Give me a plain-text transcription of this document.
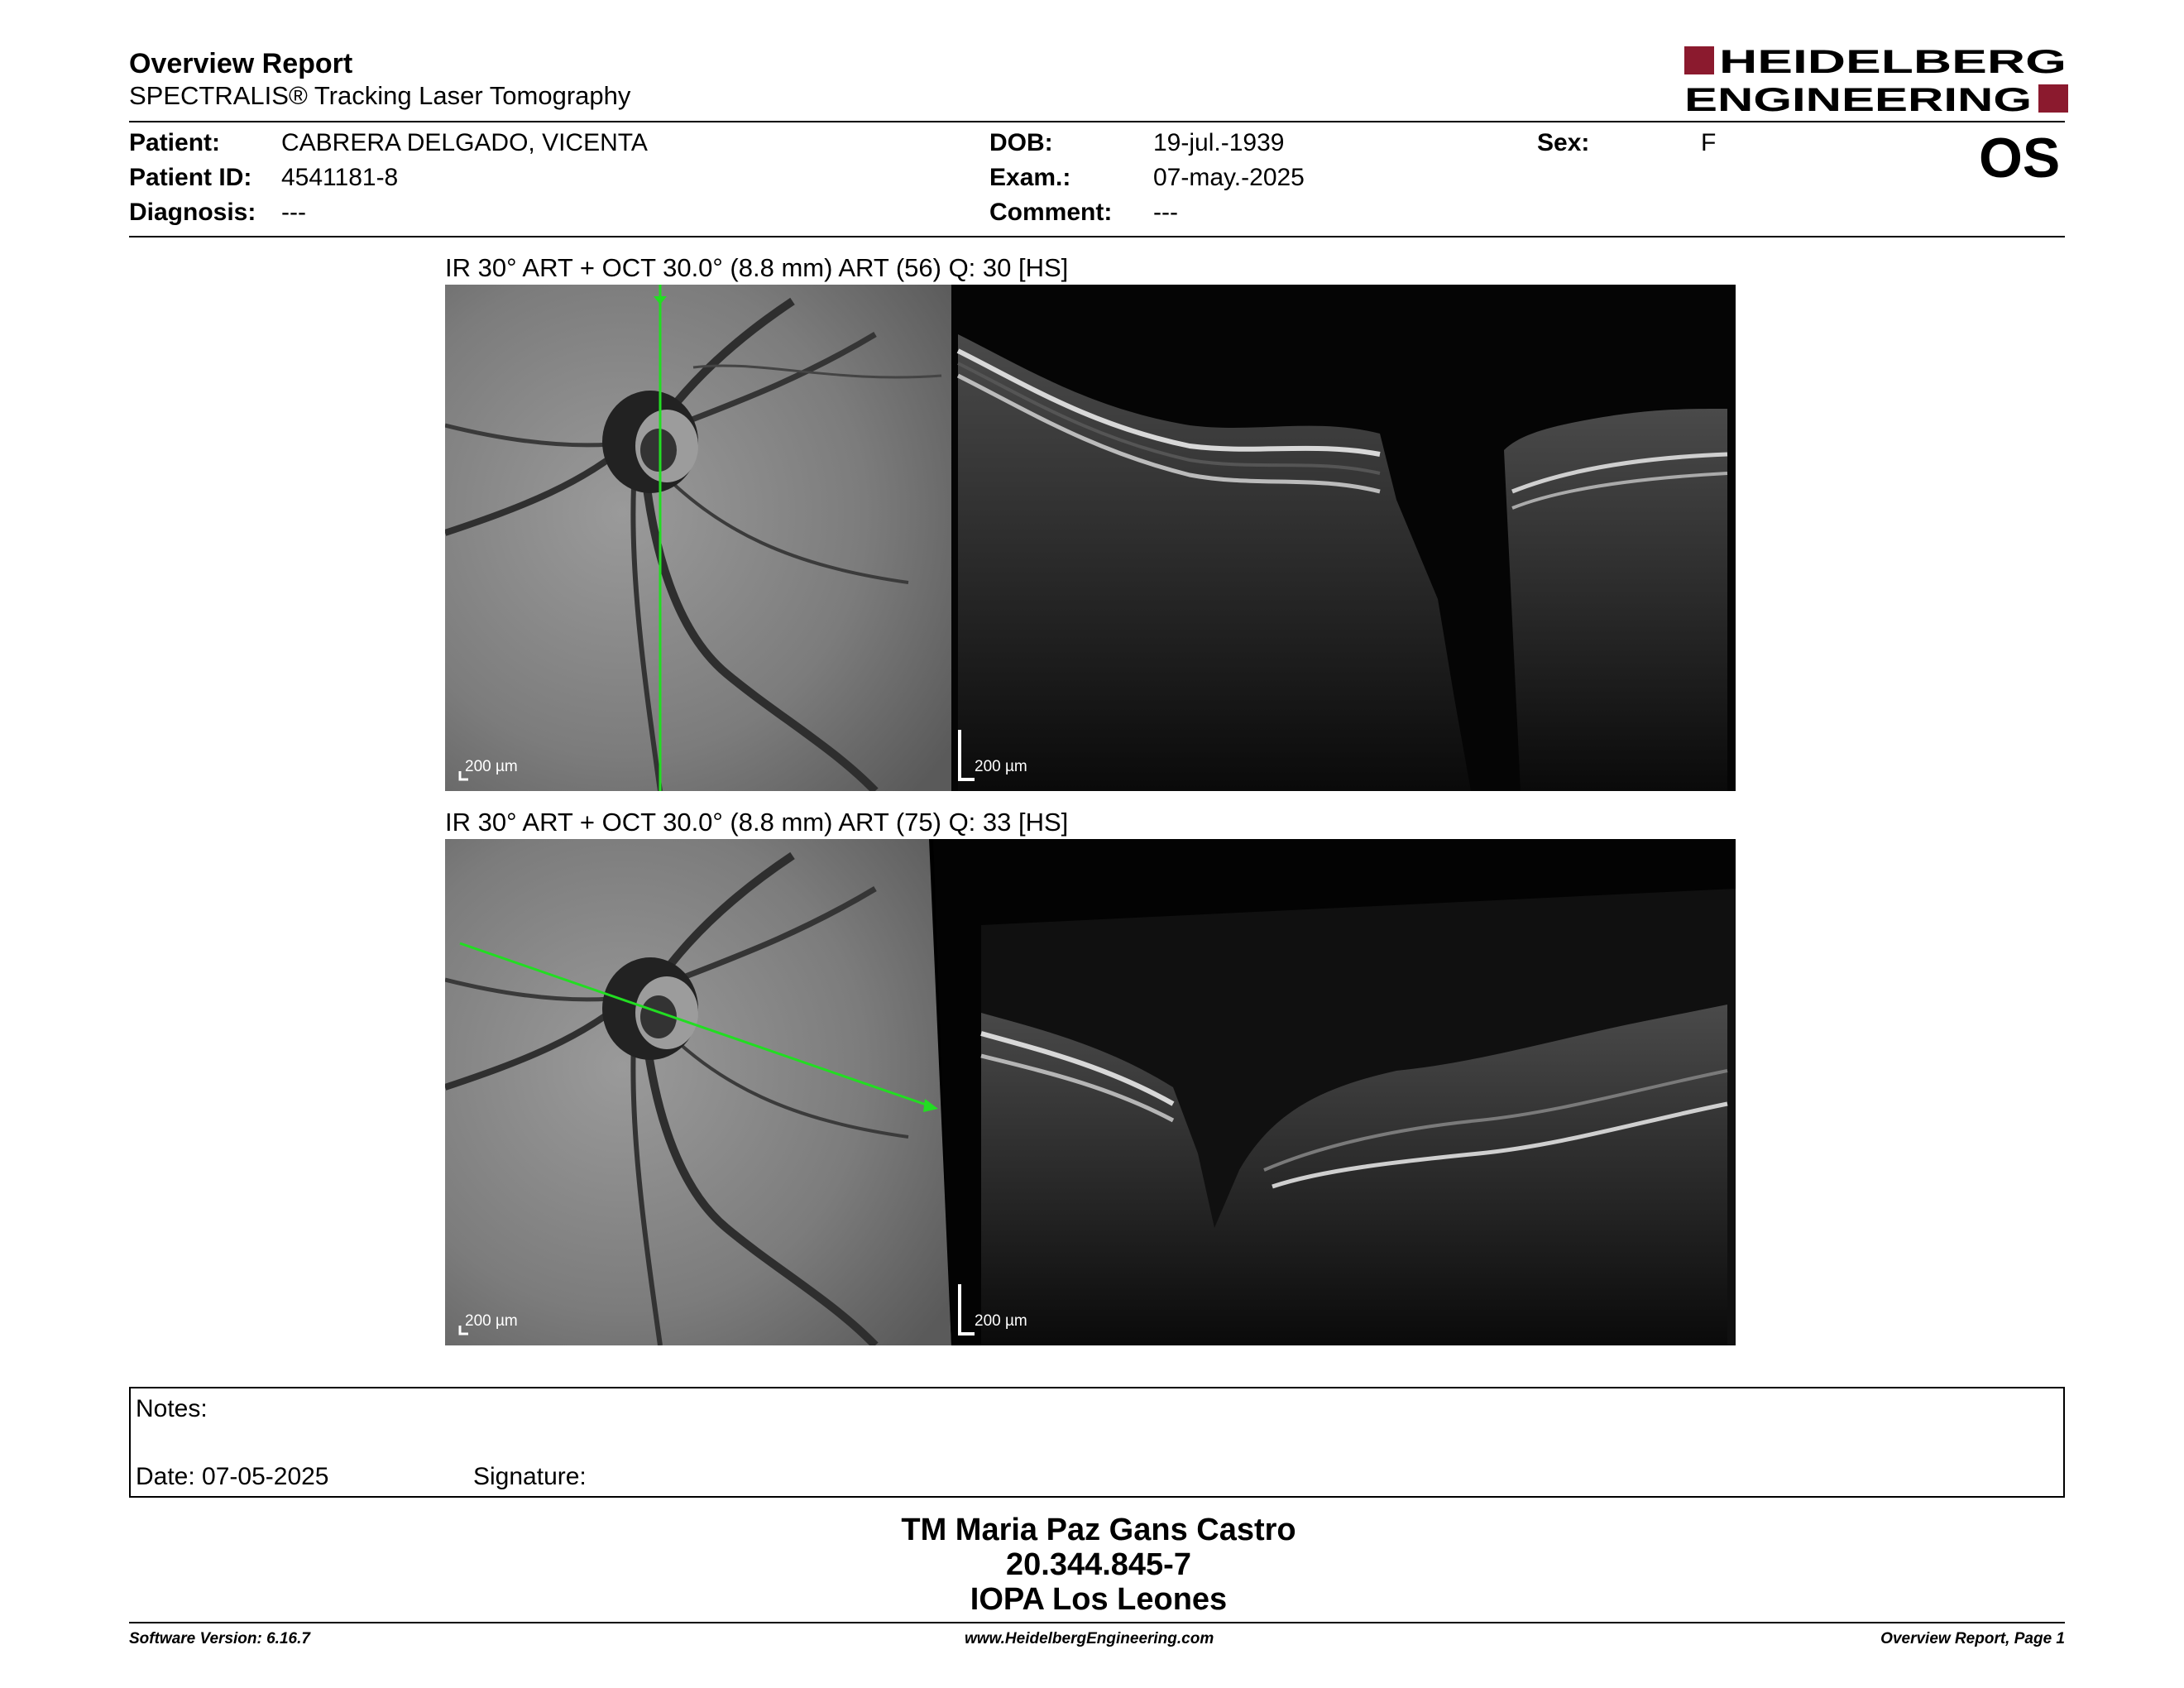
Overview Report
SPECTRALIS® Tracking Laser Tomography
HEIDELBERG
ENGINEERING
Patient: CABRERA DELGADO, VICENTA
Patient ID: 4541181-8
Diagnosis: ---
DOB:	19-jul.-1939
Exam.:	07-may.-2025
Comment: ---
Sex:	F	OS
IR 30° ART + OCT 30.0° (8.8 mm) ART (56) Q: 30 [HS]
200 µm	200 µm
IR 30° ART + OCT 30.0° (8.8 mm) ART (75) Q: 33 [HS]
200 µm	200 µm
Notes:
Date: 07-05-2025	Signature:
TM Maria Paz Gans Castro
20.344.845-7
IOPA Los Leones
Software Version: 6.16.7	www.HeidelbergEngineering.com	Overview Report, Page 1
